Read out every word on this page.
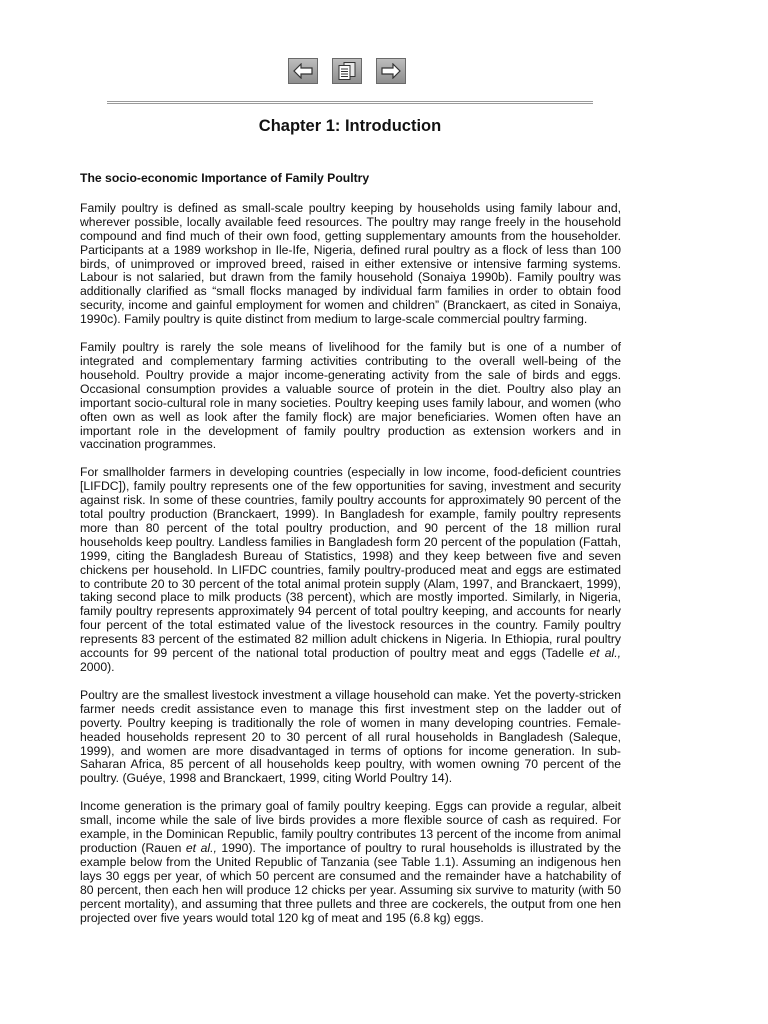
Chapter 1: Introduction
The socio-economic Importance of Family Poultry

Family poultry is defined as small-scale poultry keeping by households using family labour and, wherever possible, locally available feed resources. The poultry may range freely in the household compound and find much of their own food, getting supplementary amounts from the householder. Participants at a 1989 workshop in Ile-Ife, Nigeria, defined rural poultry as a flock of less than 100 birds, of unimproved or improved breed, raised in either extensive or intensive farming systems. Labour is not salaried, but drawn from the family household (Sonaiya 1990b). Family poultry was additionally clarified as “small flocks managed by individual farm families in order to obtain food security, income and gainful employment for women and children” (Branckaert, as cited in Sonaiya, 1990c). Family poultry is quite distinct from medium to large-scale commercial poultry farming.

Family poultry is rarely the sole means of livelihood for the family but is one of a number of integrated and complementary farming activities contributing to the overall well-being of the household. Poultry provide a major income-generating activity from the sale of birds and eggs. Occasional consumption provides a valuable source of protein in the diet. Poultry also play an important socio-cultural role in many societies. Poultry keeping uses family labour, and women (who often own as well as look after the family flock) are major beneficiaries. Women often have an important role in the development of family poultry production as extension workers and in vaccination programmes.

For smallholder farmers in developing countries (especially in low income, food-deficient countries [LIFDC]), family poultry represents one of the few opportunities for saving, investment and security against risk. In some of these countries, family poultry accounts for approximately 90 percent of the total poultry production (Branckaert, 1999). In Bangladesh for example, family poultry represents more than 80 percent of the total poultry production, and 90 percent of the 18 million rural households keep poultry. Landless families in Bangladesh form 20 percent of the population (Fattah, 1999, citing the Bangladesh Bureau of Statistics, 1998) and they keep between five and seven chickens per household. In LIFDC countries, family poultry-produced meat and eggs are estimated to contribute 20 to 30 percent of the total animal protein supply (Alam, 1997, and Branckaert, 1999), taking second place to milk products (38 percent), which are mostly imported. Similarly, in Nigeria, family poultry represents approximately 94 percent of total poultry keeping, and accounts for nearly four percent of the total estimated value of the livestock resources in the country. Family poultry represents 83 percent of the estimated 82 million adult chickens in Nigeria. In Ethiopia, rural poultry accounts for 99 percent of the national total production of poultry meat and eggs (Tadelle et al., 2000).

Poultry are the smallest livestock investment a village household can make. Yet the poverty-stricken farmer needs credit assistance even to manage this first investment step on the ladder out of poverty. Poultry keeping is traditionally the role of women in many developing countries. Female-headed households represent 20 to 30 percent of all rural households in Bangladesh (Saleque, 1999), and women are more disadvantaged in terms of options for income generation. In sub-Saharan Africa, 85 percent of all households keep poultry, with women owning 70 percent of the poultry. (Guéye, 1998 and Branckaert, 1999, citing World Poultry 14).

Income generation is the primary goal of family poultry keeping. Eggs can provide a regular, albeit small, income while the sale of live birds provides a more flexible source of cash as required. For example, in the Dominican Republic, family poultry contributes 13 percent of the income from animal production (Rauen et al., 1990). The importance of poultry to rural households is illustrated by the example below from the United Republic of Tanzania (see Table 1.1). Assuming an indigenous hen lays 30 eggs per year, of which 50 percent are consumed and the remainder have a hatchability of 80 percent, then each hen will produce 12 chicks per year. Assuming six survive to maturity (with 50 percent mortality), and assuming that three pullets and three are cockerels, the output from one hen projected over five years would total 120 kg of meat and 195 (6.8 kg) eggs.
